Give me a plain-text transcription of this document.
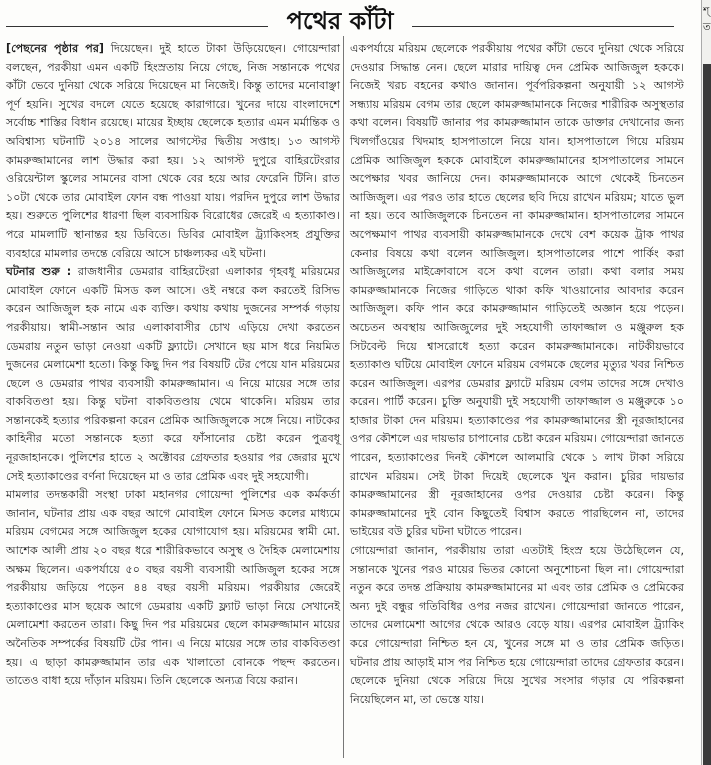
পথের কাঁটা

[পেছনের পৃষ্ঠার পর] দিয়েছেন। দুই হাতে টাকা উড়িয়েছেন। গোয়েন্দারা বলছেন, পরকীয়া এমন একটি হিংস্রতায় নিয়ে গেছে, নিজ সন্তানকে পথের কাঁটা ভেবে দুনিয়া থেকে সরিয়ে দিয়েছেন মা নিজেই। কিন্তু তাদের মনোবাঞ্ছা পূর্ণ হয়নি। সুখের বদলে যেতে হয়েছে কারাগারে। খুনের দায়ে বাংলাদেশে সর্বোচ্চ শাস্তির বিধান রয়েছে। মায়ের ইচ্ছায় ছেলেকে হত্যার এমন মর্মান্তিক ও অবিশ্বাস্য ঘটনাটি ২০১৪ সালের আগস্টের দ্বিতীয় সপ্তাহ। ১৩ আগস্ট কামরুজ্জামানের লাশ উদ্ধার করা হয়। ১২ আগস্ট দুপুরে বাহিরটেংরার ওরিয়েন্টাল স্কুলের সামনের বাসা থেকে বের হয়ে আর ফেরেনি টিনি। রাত ১০টা থেকে তার মোবাইল ফোন বন্ধ পাওয়া যায়। পরদিন দুপুরে লাশ উদ্ধার হয়। শুরুতে পুলিশের ধারণা ছিল ব্যবসায়িক বিরোধের জেরেই এ হত্যাকাণ্ড। পরে মামলাটি স্থানান্তর হয় ডিবিতে। ডিবির মোবাইল ট্র্যাকিংসহ প্রযুক্তির ব্যবহারে মামলার তদন্তে বেরিয়ে আসে চাঞ্চল্যকর এই ঘটনা।

ঘটনার শুরু : রাজধানীর ডেমরার বাহিরটেংরা এলাকার গৃহবধূ মরিয়মের মোবাইল ফোনে একটি মিসড কল আসে। ওই নম্বরে কল করতেই রিসিভ করেন আজিজুল হক নামে এক ব্যক্তি। কথায় কথায় দুজনের সম্পর্ক গড়ায় পরকীয়ায়। স্বামী-সন্তান আর এলাকাবাসীর চোখ এড়িয়ে দেখা করতেন ডেমরায় নতুন ভাড়া নেওয়া একটি ফ্ল্যাটে। সেখানে ছয় মাস ধরে নিয়মিত দুজনের মেলামেশা হতো। কিন্তু কিছু দিন পর বিষয়টি টের পেয়ে যান মরিয়মের ছেলে ও ডেমরার পাথর ব্যবসায়ী কামরুজ্জামান। এ নিয়ে মায়ের সঙ্গে তার বাকবিতণ্ডা হয়। কিন্তু ঘটনা বাকবিতণ্ডায় থেমে থাকেনি। মরিয়ম তার সন্তানকেই হত্যার পরিকল্পনা করেন প্রেমিক আজিজুলকে সঙ্গে নিয়ে। নাটকের কাহিনীর মতো সন্তানকে হত্যা করে ফাঁসানোর চেষ্টা করেন পুত্রবধূ নূরজাহানকে। পুলিশের হাতে ২ অক্টোবর গ্রেফতার হওয়ার পর জেরার মুখে সেই হত্যাকাণ্ডের বর্ণনা দিয়েছেন মা ও তার প্রেমিক এবং দুই সহযোগী।

মামলার তদন্তকারী সংস্থা ঢাকা মহানগর গোয়েন্দা পুলিশের এক কর্মকর্তা জানান, ঘটনার প্রায় এক বছর আগে মোবাইল ফোনে মিসড কলের মাধ্যমে মরিয়ম বেগমের সঙ্গে আজিজুল হকের যোগাযোগ হয়। মরিয়মের স্বামী মো. আশেক আলী প্রায় ২০ বছর ধরে শারীরিকভাবে অসুস্থ ও দৈহিক মেলামেশায় অক্ষম ছিলেন। একপর্যায়ে ৫০ বছর বয়সী ব্যবসায়ী আজিজুল হকের সঙ্গে পরকীয়ায় জড়িয়ে পড়েন ৪৪ বছর বয়সী মরিয়ম। পরকীয়ার জেরেই হত্যাকাণ্ডের মাস ছয়েক আগে ডেমরায় একটি ফ্ল্যাট ভাড়া নিয়ে সেখানেই মেলামেশা করতেন তারা। কিছু দিন পর মরিয়মের ছেলে কামরুজ্জামান মায়ের অনৈতিক সম্পর্কের বিষয়টি টের পান। এ নিয়ে মায়ের সঙ্গে তার বাকবিতণ্ডা হয়। এ ছাড়া কামরুজ্জামান তার এক খালাতো বোনকে পছন্দ করতেন। তাতেও বাধা হয়ে দাঁড়ান মরিয়ম। তিনি ছেলেকে অন্যত্র বিয়ে করান।

একপর্যায়ে মরিয়ম ছেলেকে পরকীয়ায় পথের কাঁটা ভেবে দুনিয়া থেকে সরিয়ে দেওয়ার সিদ্ধান্ত নেন। ছেলে মারার দায়িত্ব দেন প্রেমিক আজিজুল হককে। নিজেই খরচ বহনের কথাও জানান। পূর্বপরিকল্পনা অনুযায়ী ১২ আগস্ট সন্ধ্যায় মরিয়ম বেগম তার ছেলে কামরুজ্জামানকে নিজের শারীরিক অসুস্থতার কথা বলেন। বিষয়টি জানার পর কামরুজ্জামান তাকে ডাক্তার দেখানোর জন্য খিলগাঁওয়ের খিদমাহ হাসপাতালে নিয়ে যান। হাসপাতালে গিয়ে মরিয়ম প্রেমিক আজিজুল হককে মোবাইলে কামরুজ্জামানের হাসপাতালের সামনে অপেক্ষার খবর জানিয়ে দেন। কামরুজ্জামানকে আগে থেকেই চিনতেন আজিজুল। এর পরও তার হাতে ছেলের ছবি দিয়ে রাখেন মরিয়ম; যাতে ভুল না হয়। তবে আজিজুলকে চিনতেন না কামরুজ্জামান। হাসপাতালের সামনে অপেক্ষমাণ পাথর ব্যবসায়ী কামরুজ্জামানকে দেখে বেশ কয়েক ট্রাক পাথর কেনার বিষয়ে কথা বলেন আজিজুল। হাসপাতালের পাশে পার্কিং করা আজিজুলের মাইক্রোবাসে বসে কথা বলেন তারা। কথা বলার সময় কামরুজ্জামানকে নিজের গাড়িতে থাকা কফি খাওয়ানোর আবদার করেন আজিজুল। কফি পান করে কামরুজ্জামান গাড়িতেই অজ্ঞান হয়ে পড়েন। অচেতন অবস্থায় আজিজুলের দুই সহযোগী তাফাজ্জাল ও মঞ্জুরুল হক সিটবেল্ট দিয়ে শ্বাসরোধে হত্যা করেন কামরুজ্জামানকে। নাটকীয়ভাবে হত্যাকাণ্ড ঘটিয়ে মোবাইল ফোনে মরিয়ম বেগমকে ছেলের মৃত্যুর খবর নিশ্চিত করেন আজিজুল। এরপর ডেমরার ফ্ল্যাটে মরিয়ম বেগম তাদের সঙ্গে দেখাও করেন। পার্টি করেন। চুক্তি অনুযায়ী দুই সহযোগী তাফাজ্জাল ও মঞ্জুরুকে ১০ হাজার টাকা দেন মরিয়ম। হত্যাকাণ্ডের পর কামরুজ্জামানের স্ত্রী নূরজাহানের ওপর কৌশলে এর দায়ভার চাপানোর চেষ্টা করেন মরিয়ম। গোয়েন্দারা জানতে পারেন, হত্যাকাণ্ডের দিনই কৌশলে আলমারি থেকে ১ লাখ টাকা সরিয়ে রাখেন মরিয়ম। সেই টাকা দিয়েই ছেলেকে খুন করান। চুরির দায়ভার কামরুজ্জামানের স্ত্রী নূরজাহানের ওপর দেওয়ার চেষ্টা করেন। কিন্তু কামরুজ্জামানের দুই বোন কিছুতেই বিশ্বাস করতে পারছিলেন না, তাদের ভাইয়ের বউ চুরির ঘটনা ঘটাতে পারেন।

গোয়েন্দারা জানান, পরকীয়ায় তারা এতটাই হিংস্র হয়ে উঠেছিলেন যে, সন্তানকে খুনের পরও মায়ের ভিতর কোনো অনুশোচনা ছিল না। গোয়েন্দারা নতুন করে তদন্ত প্রক্রিয়ায় কামরুজ্জামানের মা এবং তার প্রেমিক ও প্রেমিকের অন্য দুই বন্ধুর গতিবিধির ওপর নজর রাখেন। গোয়েন্দারা জানতে পারেন, তাদের মেলামেশা আগের থেকে আরও বেড়ে যায়। এরপর মোবাইল ট্র্যাকিং করে গোয়েন্দারা নিশ্চিত হন যে, খুনের সঙ্গে মা ও তার প্রেমিক জড়িত। ঘটনার প্রায় আড়াই মাস পর নিশ্চিত হয়ে গোয়েন্দারা তাদের গ্রেফতার করেন। ছেলেকে দুনিয়া থেকে সরিয়ে দিয়ে সুখের সংসার গড়ার যে পরিকল্পনা নিয়েছিলেন মা, তা ভেস্তে যায়।

শ্
ত
